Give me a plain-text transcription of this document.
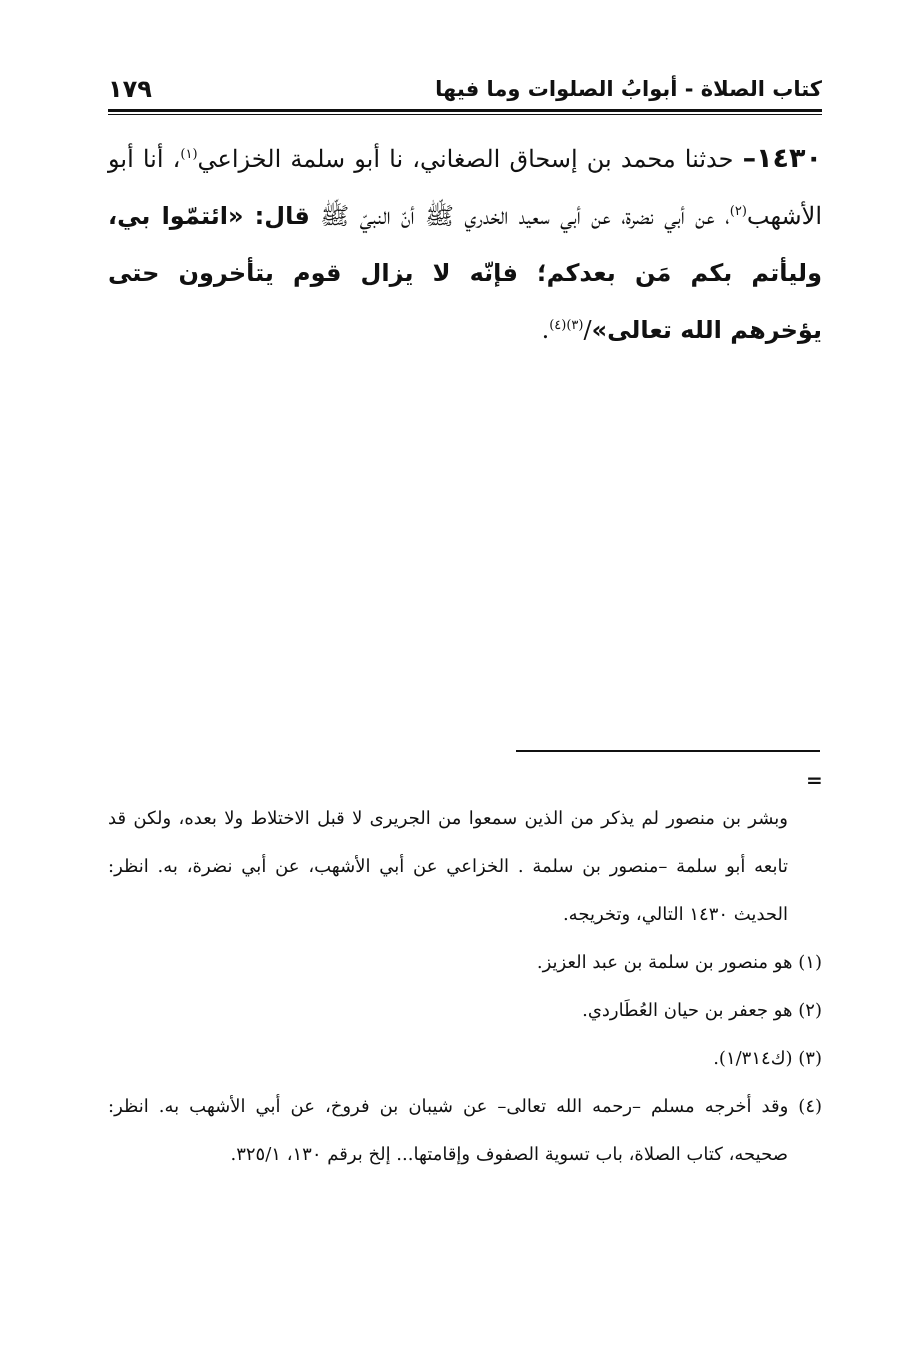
كتاب الصلاة - أبوابُ الصلوات وما فيها
١٧٩

١٤٣٠– حدثنا محمد بن إسحاق الصغاني، نا أبو سلمة الخزاعي$^{(١)}$، أنا أبو الأشهب$^{(٢)}$، عن أبي نضرة، عن أبي سعيد الخدري ﷺ أنّ النبيّ ﷺ قال: «ائتمّوا بي، وليأتم بكم مَن بعدكم؛ فإنّه لا يزال قوم يتأخرون حتى يؤخرهم الله تعالى»/$^{(٣)(٤)}$.

=

وبشر بن منصور لم يذكر من الذين سمعوا من الجريرى لا قبل الاختلاط ولا بعده، ولكن قد تابعه أبو سلمة –منصور بن سلمة . الخزاعي عن أبي الأشهب، عن أبي نضرة، به. انظر: الحديث ١٤٣٠ التالي، وتخريجه.

(١) هو منصور بن سلمة بن عبد العزيز.

(٢) هو جعفر بن حيان العُطَاردي.

(٣) (ك١/٣١٤).

(٤) وقد أخرجه مسلم –رحمه الله تعالى– عن شيبان بن فروخ، عن أبي الأشهب به. انظر: صحيحه، كتاب الصلاة، باب تسوية الصفوف وإقامتها... إلخ برقم ١٣٠، ٣٢٥/١.
